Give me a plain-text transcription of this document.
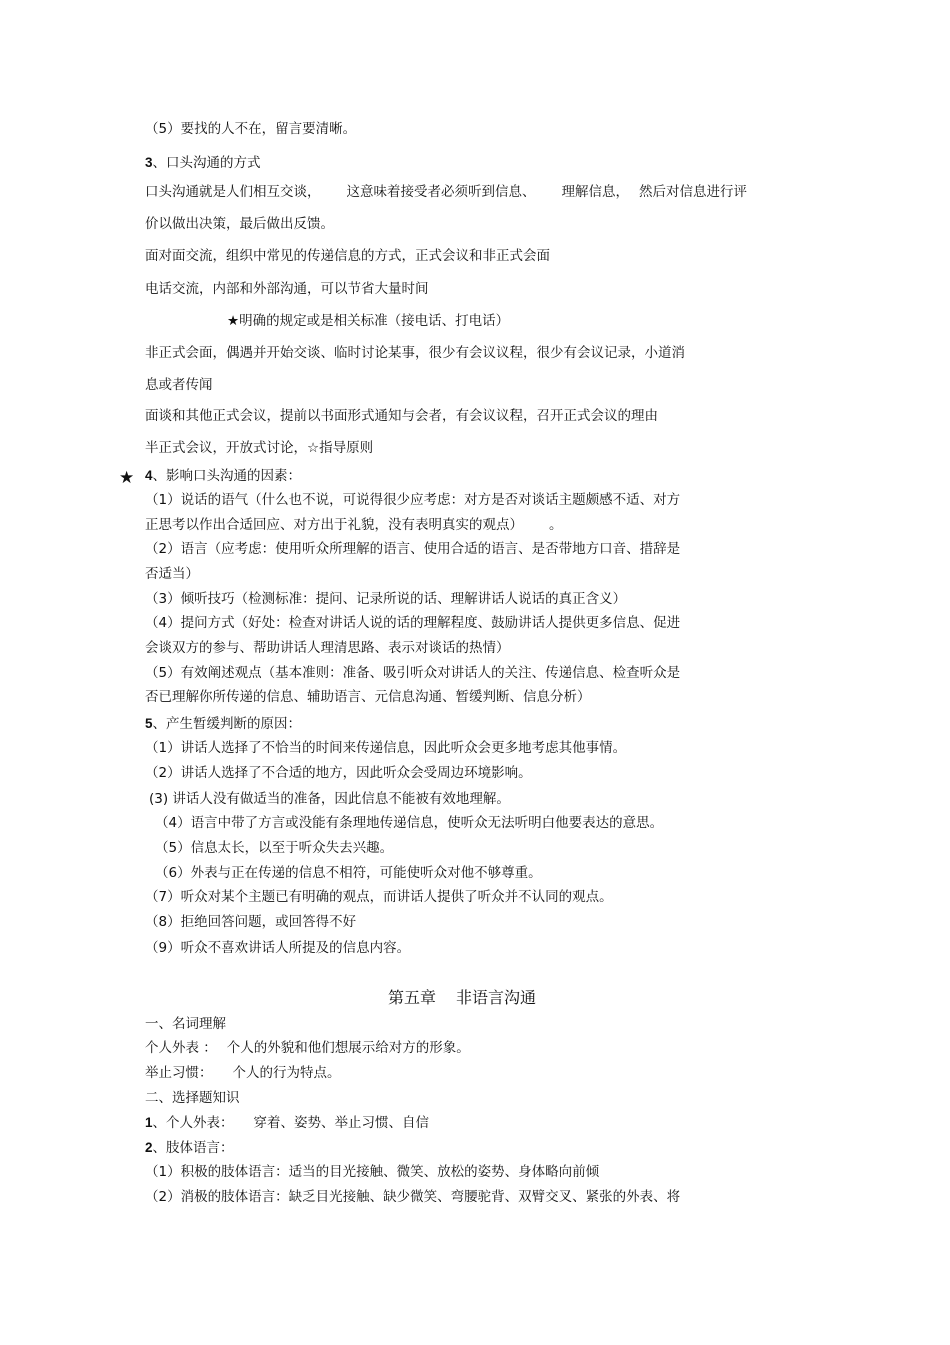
（5）要找的人不在，留言要清晰。

3、口头沟通的方式

口头沟通就是人们相互交谈， 这意味着接受者必须听到信息、 理解信息， 然后对信息进行评

价以做出决策，最后做出反馈。

面对面交流，组织中常见的传递信息的方式，正式会议和非正式会面

电话交流，内部和外部沟通，可以节省大量时间

★明确的规定或是相关标准（接电话、打电话）

非正式会面，偶遇并开始交谈、临时讨论某事，很少有会议议程，很少有会议记录，小道消

息或者传闻

面谈和其他正式会议，提前以书面形式通知与会者，有会议议程，召开正式会议的理由

半正式会议，开放式讨论，☆指导原则

★ 4、影响口头沟通的因素：

（1）说话的语气（什么也不说，可说得很少应考虑：对方是否对谈话主题颇感不适、对方

正思考以作出合适回应、对方出于礼貌，没有表明真实的观点） 。

（2）语言（应考虑：使用听众所理解的语言、使用合适的语言、是否带地方口音、措辞是

否适当）

（3）倾听技巧（检测标准：提问、记录所说的话、理解讲话人说话的真正含义）

（4）提问方式（好处：检查对讲话人说的话的理解程度、鼓励讲话人提供更多信息、促进

会谈双方的参与、帮助讲话人理清思路、表示对谈话的热情）

（5）有效阐述观点（基本准则：准备、吸引听众对讲话人的关注、传递信息、检查听众是

否已理解你所传递的信息、辅助语言、元信息沟通、暂缓判断、信息分析）

5、产生暂缓判断的原因：

（1）讲话人选择了不恰当的时间来传递信息，因此听众会更多地考虑其他事情。

（2）讲话人选择了不合适的地方，因此听众会受周边环境影响。

(3) 讲话人没有做适当的准备，因此信息不能被有效地理解。

（4）语言中带了方言或没能有条理地传递信息，使听众无法听明白他要表达的意思。

（5）信息太长，以至于听众失去兴趣。

（6）外表与正在传递的信息不相符，可能使听众对他不够尊重。

（7）听众对某个主题已有明确的观点，而讲话人提供了听众并不认同的观点。

（8）拒绝回答问题，或回答得不好

（9）听众不喜欢讲话人所提及的信息内容。

第五章 非语言沟通

一、名词理解

个人外表 ： 个人的外貌和他们想展示给对方的形象。

举止习惯： 个人的行为特点。

二、选择题知识

1、个人外表： 穿着、姿势、举止习惯、自信

2、肢体语言：

（1）积极的肢体语言：适当的目光接触、微笑、放松的姿势、身体略向前倾

（2）消极的肢体语言：缺乏目光接触、缺少微笑、弯腰驼背、双臂交叉、紧张的外表、将
